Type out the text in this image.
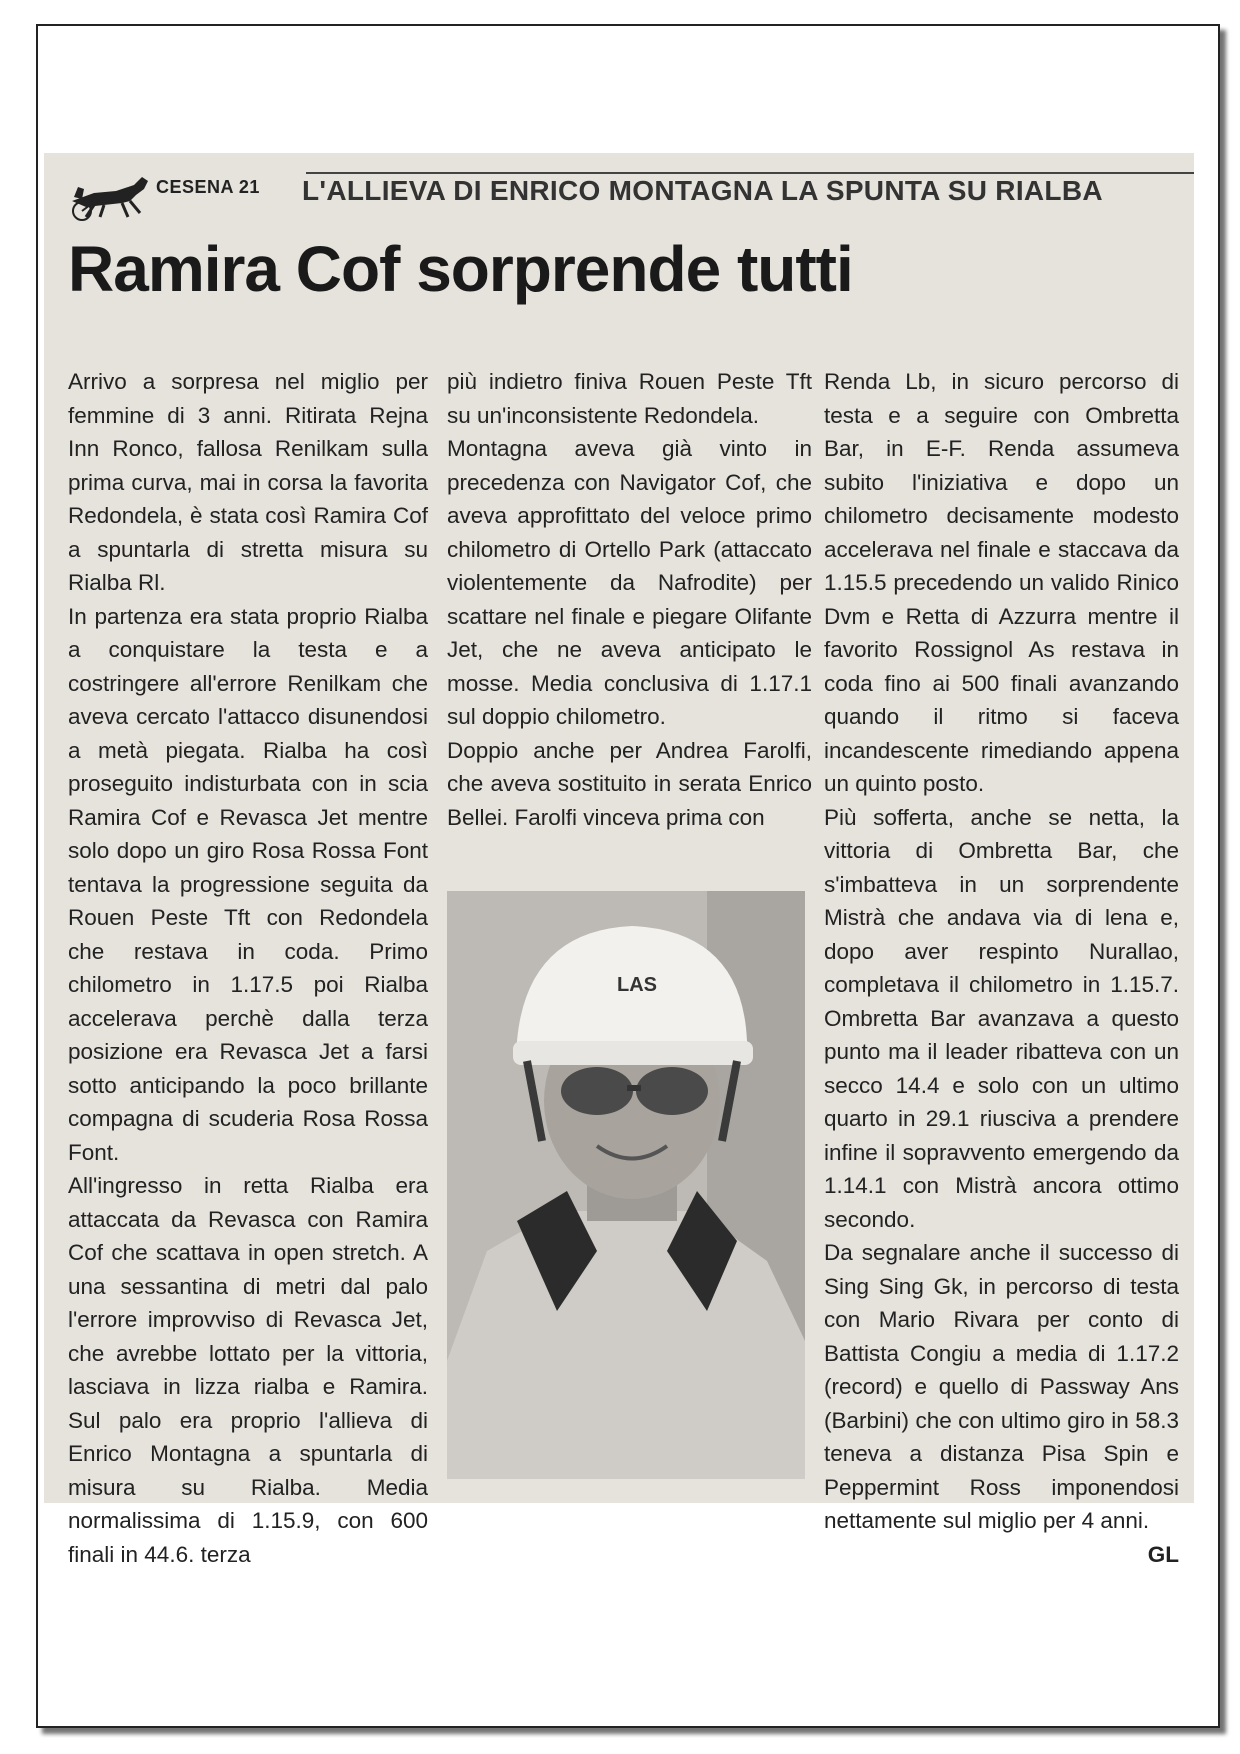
CESENA 21 L'ALLIEVA DI ENRICO MONTAGNA LA SPUNTA SU RIALBA
Ramira Cof sorprende tutti

Arrivo a sorpresa nel miglio per femmine di 3 anni. Ritirata Rejna Inn Ronco, fallosa Renilkam sulla prima curva, mai in corsa la favorita Redondela, è stata così Ramira Cof a spuntarla di stretta misura su Rialba Rl.

In partenza era stata proprio Rialba a conquistare la testa e a costringere all'errore Renilkam che aveva cercato l'attacco disunendosi a metà piegata. Rialba ha così proseguito indisturbata con in scia Ramira Cof e Revasca Jet mentre solo dopo un giro Rosa Rossa Font tentava la progressione seguita da Rouen Peste Tft con Redondela che restava in coda. Primo chilometro in 1.17.5 poi Rialba accelerava perchè dalla terza posizione era Revasca Jet a farsi sotto anticipando la poco brillante compagna di scuderia Rosa Rossa Font.

All'ingresso in retta Rialba era attaccata da Revasca con Ramira Cof che scattava in open stretch. A una sessantina di metri dal palo l'errore improvviso di Revasca Jet, che avrebbe lottato per la vittoria, lasciava in lizza rialba e Ramira. Sul palo era proprio l'allieva di Enrico Montagna a spuntarla di misura su Rialba. Media normalissima di 1.15.9, con 600 finali in 44.6. terza

più indietro finiva Rouen Peste Tft su un'inconsistente Redondela.

Montagna aveva già vinto in precedenza con Navigator Cof, che aveva approfittato del veloce primo chilometro di Ortello Park (attaccato violentemente da Nafrodite) per scattare nel finale e piegare Olifante Jet, che ne aveva anticipato le mosse. Media conclusiva di 1.17.1 sul doppio chilometro.

Doppio anche per Andrea Farolfi, che aveva sostituito in serata Enrico Bellei. Farolfi vinceva prima con

LAS

Renda Lb, in sicuro percorso di testa e a seguire con Ombretta Bar, in E-F. Renda assumeva subito l'iniziativa e dopo un chilometro decisamente modesto accelerava nel finale e staccava da 1.15.5 precedendo un valido Rinico Dvm e Retta di Azzurra mentre il favorito Rossignol As restava in coda fino ai 500 finali avanzando quando il ritmo si faceva incandescente rimediando appena un quinto posto.

Più sofferta, anche se netta, la vittoria di Ombretta Bar, che s'imbatteva in un sorprendente Mistrà che andava via di lena e, dopo aver respinto Nurallao, completava il chilometro in 1.15.7. Ombretta Bar avanzava a questo punto ma il leader ribatteva con un secco 14.4 e solo con un ultimo quarto in 29.1 riusciva a prendere infine il sopravvento emergendo da 1.14.1 con Mistrà ancora ottimo secondo.

Da segnalare anche il successo di Sing Sing Gk, in percorso di testa con Mario Rivara per conto di Battista Congiu a media di 1.17.2 (record) e quello di Passway Ans (Barbini) che con ultimo giro in 58.3 teneva a distanza Pisa Spin e Peppermint Ross imponendosi nettamente sul miglio per 4 anni.
GL
